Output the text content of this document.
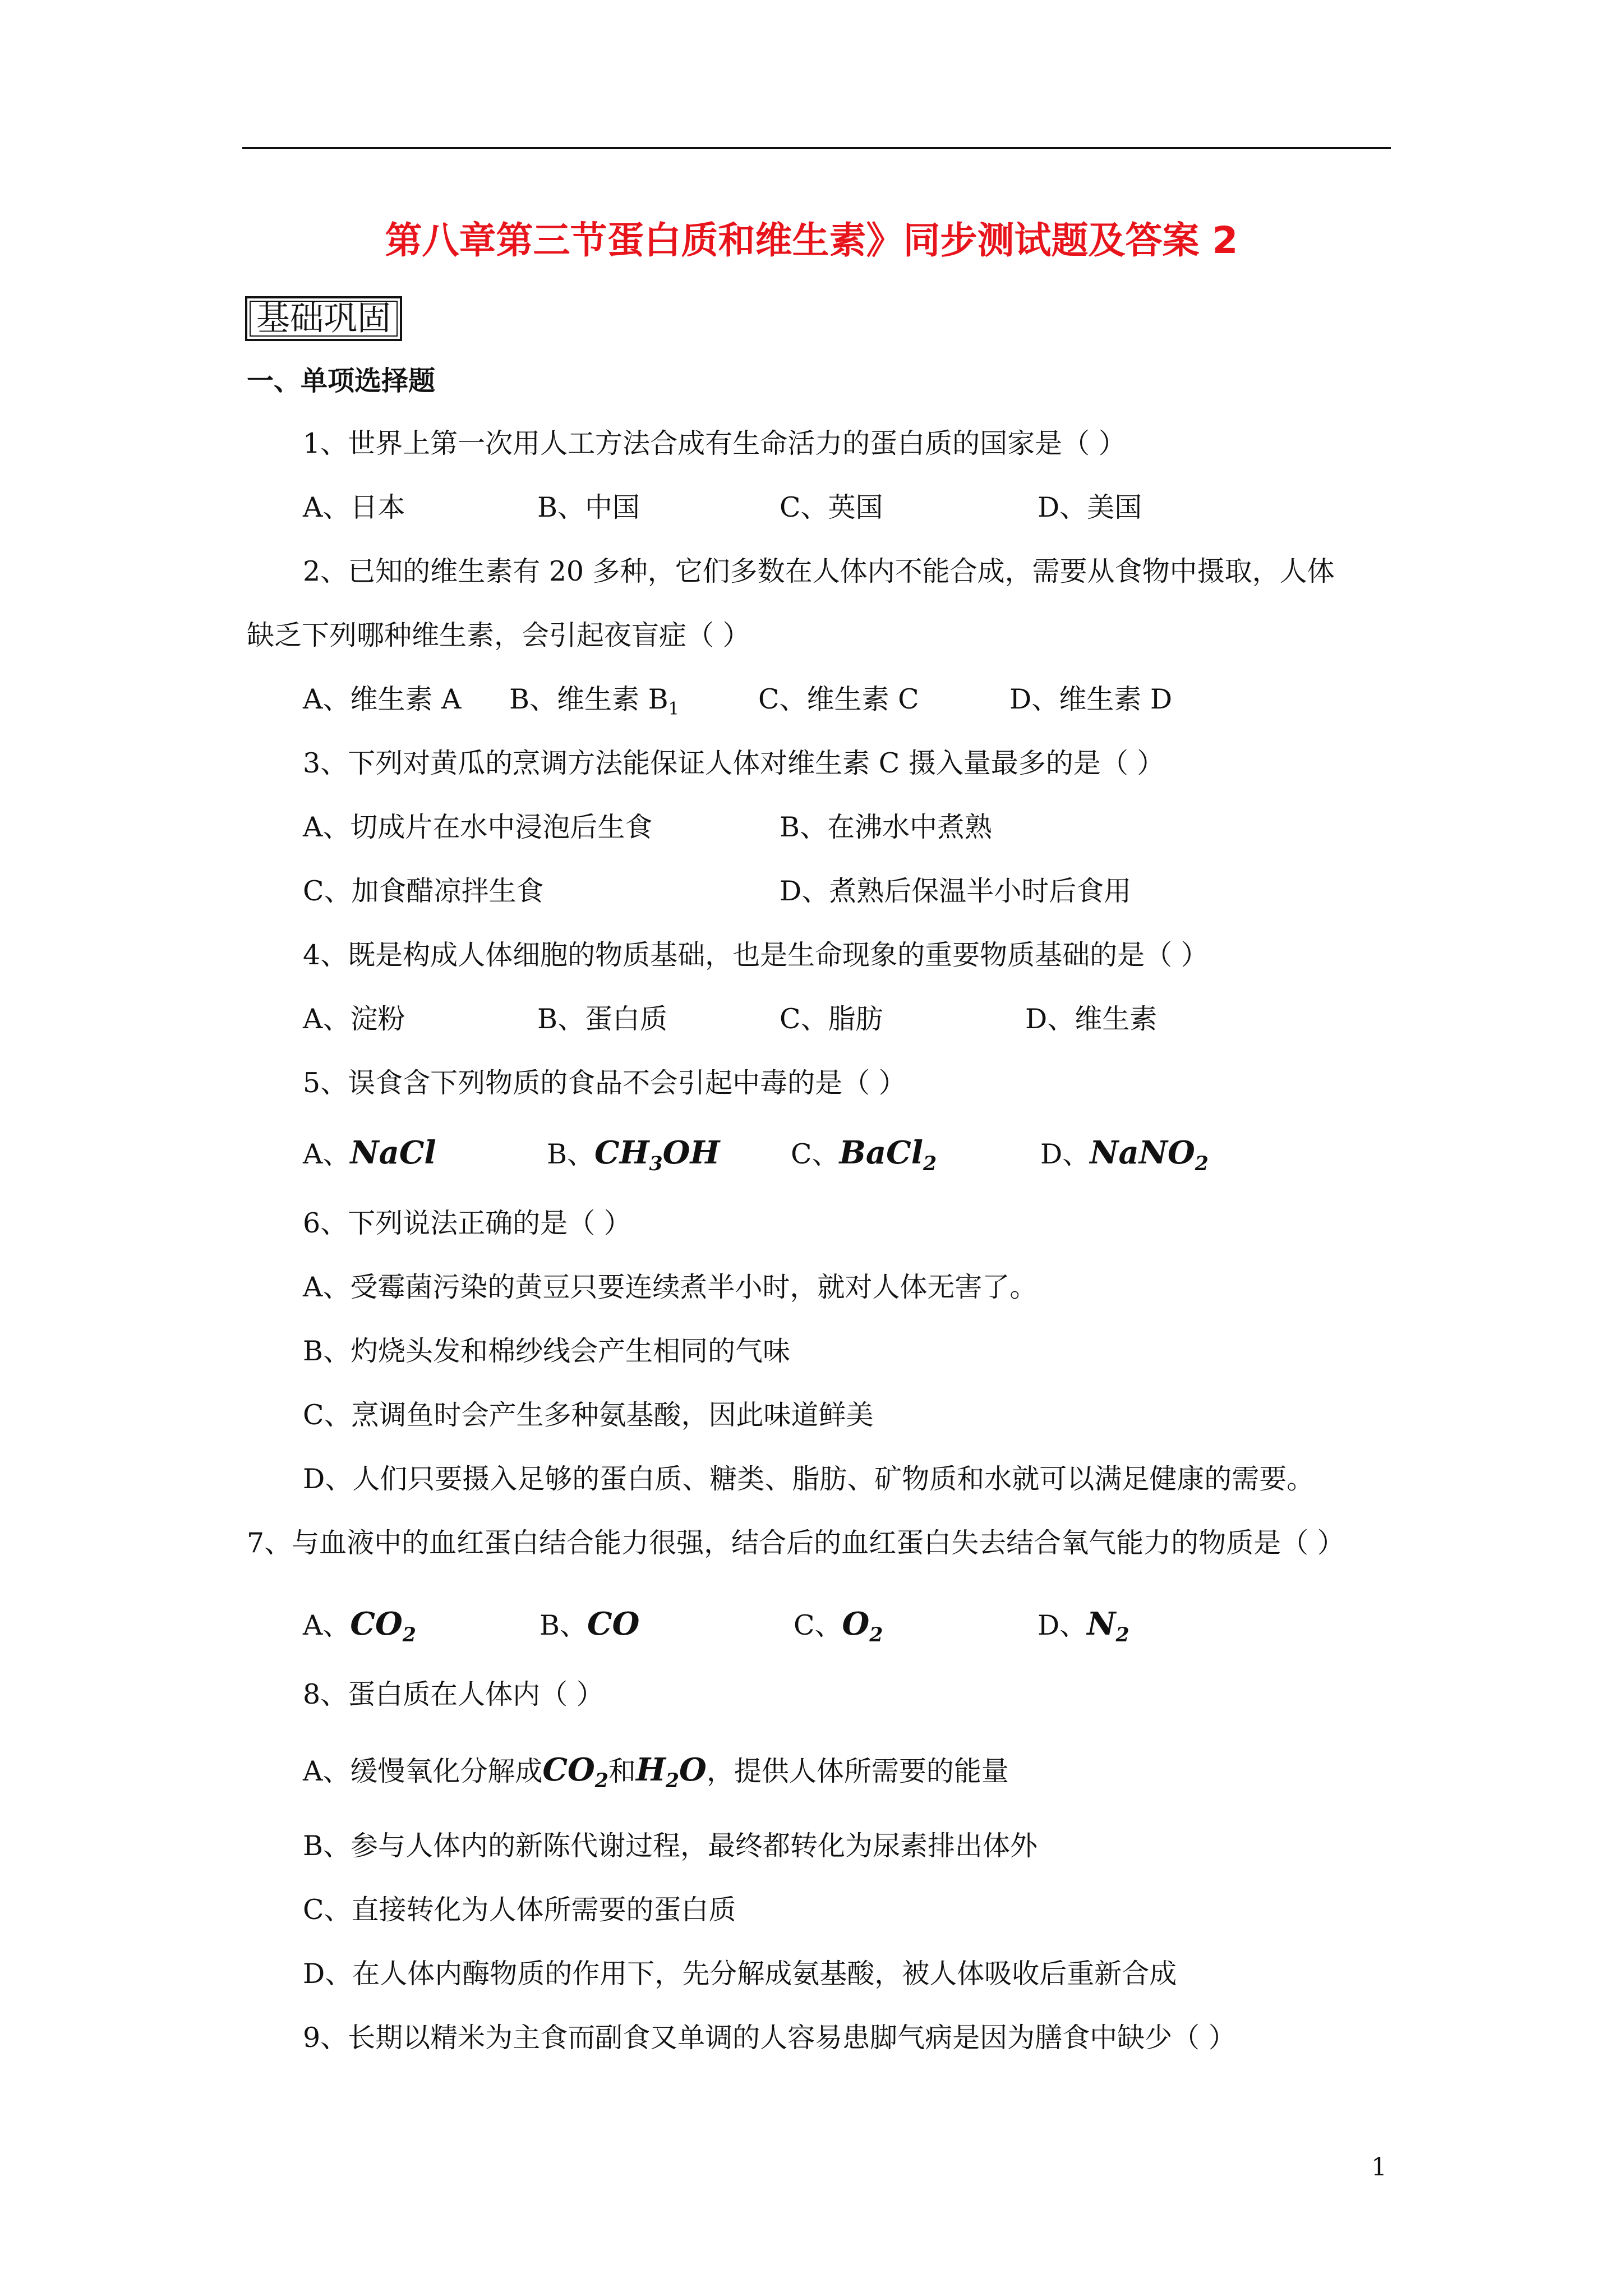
第八章第三节蛋白质和维生素》同步测试题及答案 2
基础巩固
一、单项选择题
1、世界上第一次用人工方法合成有生命活力的蛋白质的国家是（ ）
A、日本	B、中国	C、英国	D、美国
2、已知的维生素有 20 多种，它们多数在人体内不能合成，需要从食物中摄取，人体
缺乏下列哪种维生素，会引起夜盲症（ ）
A、维生素 A B、维生素 $B_1$	C、维生素 C	D、维生素 D
3、下列对黄瓜的烹调方法能保证人体对维生素 C 摄入量最多的是（ ）
A、切成片在水中浸泡后生食	B、在沸水中煮熟
C、加食醋凉拌生食	D、煮熟后保温半小时后食用
4、既是构成人体细胞的物质基础，也是生命现象的重要物质基础的是（ ）
A、淀粉	B、蛋白质	C、脂肪	D、维生素
5、误食含下列物质的食品不会引起中毒的是（ ）
A、NaCl	B、$CH_3OH$	C、BaCl$_2$	D、NaNO$_2$
6、下列说法正确的是（ ）
A、受霉菌污染的黄豆只要连续煮半小时，就对人体无害了。
B、灼烧头发和棉纱线会产生相同的气味
C、烹调鱼时会产生多种氨基酸，因此味道鲜美
D、人们只要摄入足够的蛋白质、糖类、脂肪、矿物质和水就可以满足健康的需要。
7、与血液中的血红蛋白结合能力很强，结合后的血红蛋白失去结合氧气能力的物质是（ ）
A、$CO_2$	B、CO	C、$O_2$	D、$N_2$
8、蛋白质在人体内（ ）
A、缓慢氧化分解成$CO_2$和$H_2O$，提供人体所需要的能量
B、参与人体内的新陈代谢过程，最终都转化为尿素排出体外
C、直接转化为人体所需要的蛋白质
D、在人体内酶物质的作用下，先分解成氨基酸，被人体吸收后重新合成
9、长期以精米为主食而副食又单调的人容易患脚气病是因为膳食中缺少（ ）
1
